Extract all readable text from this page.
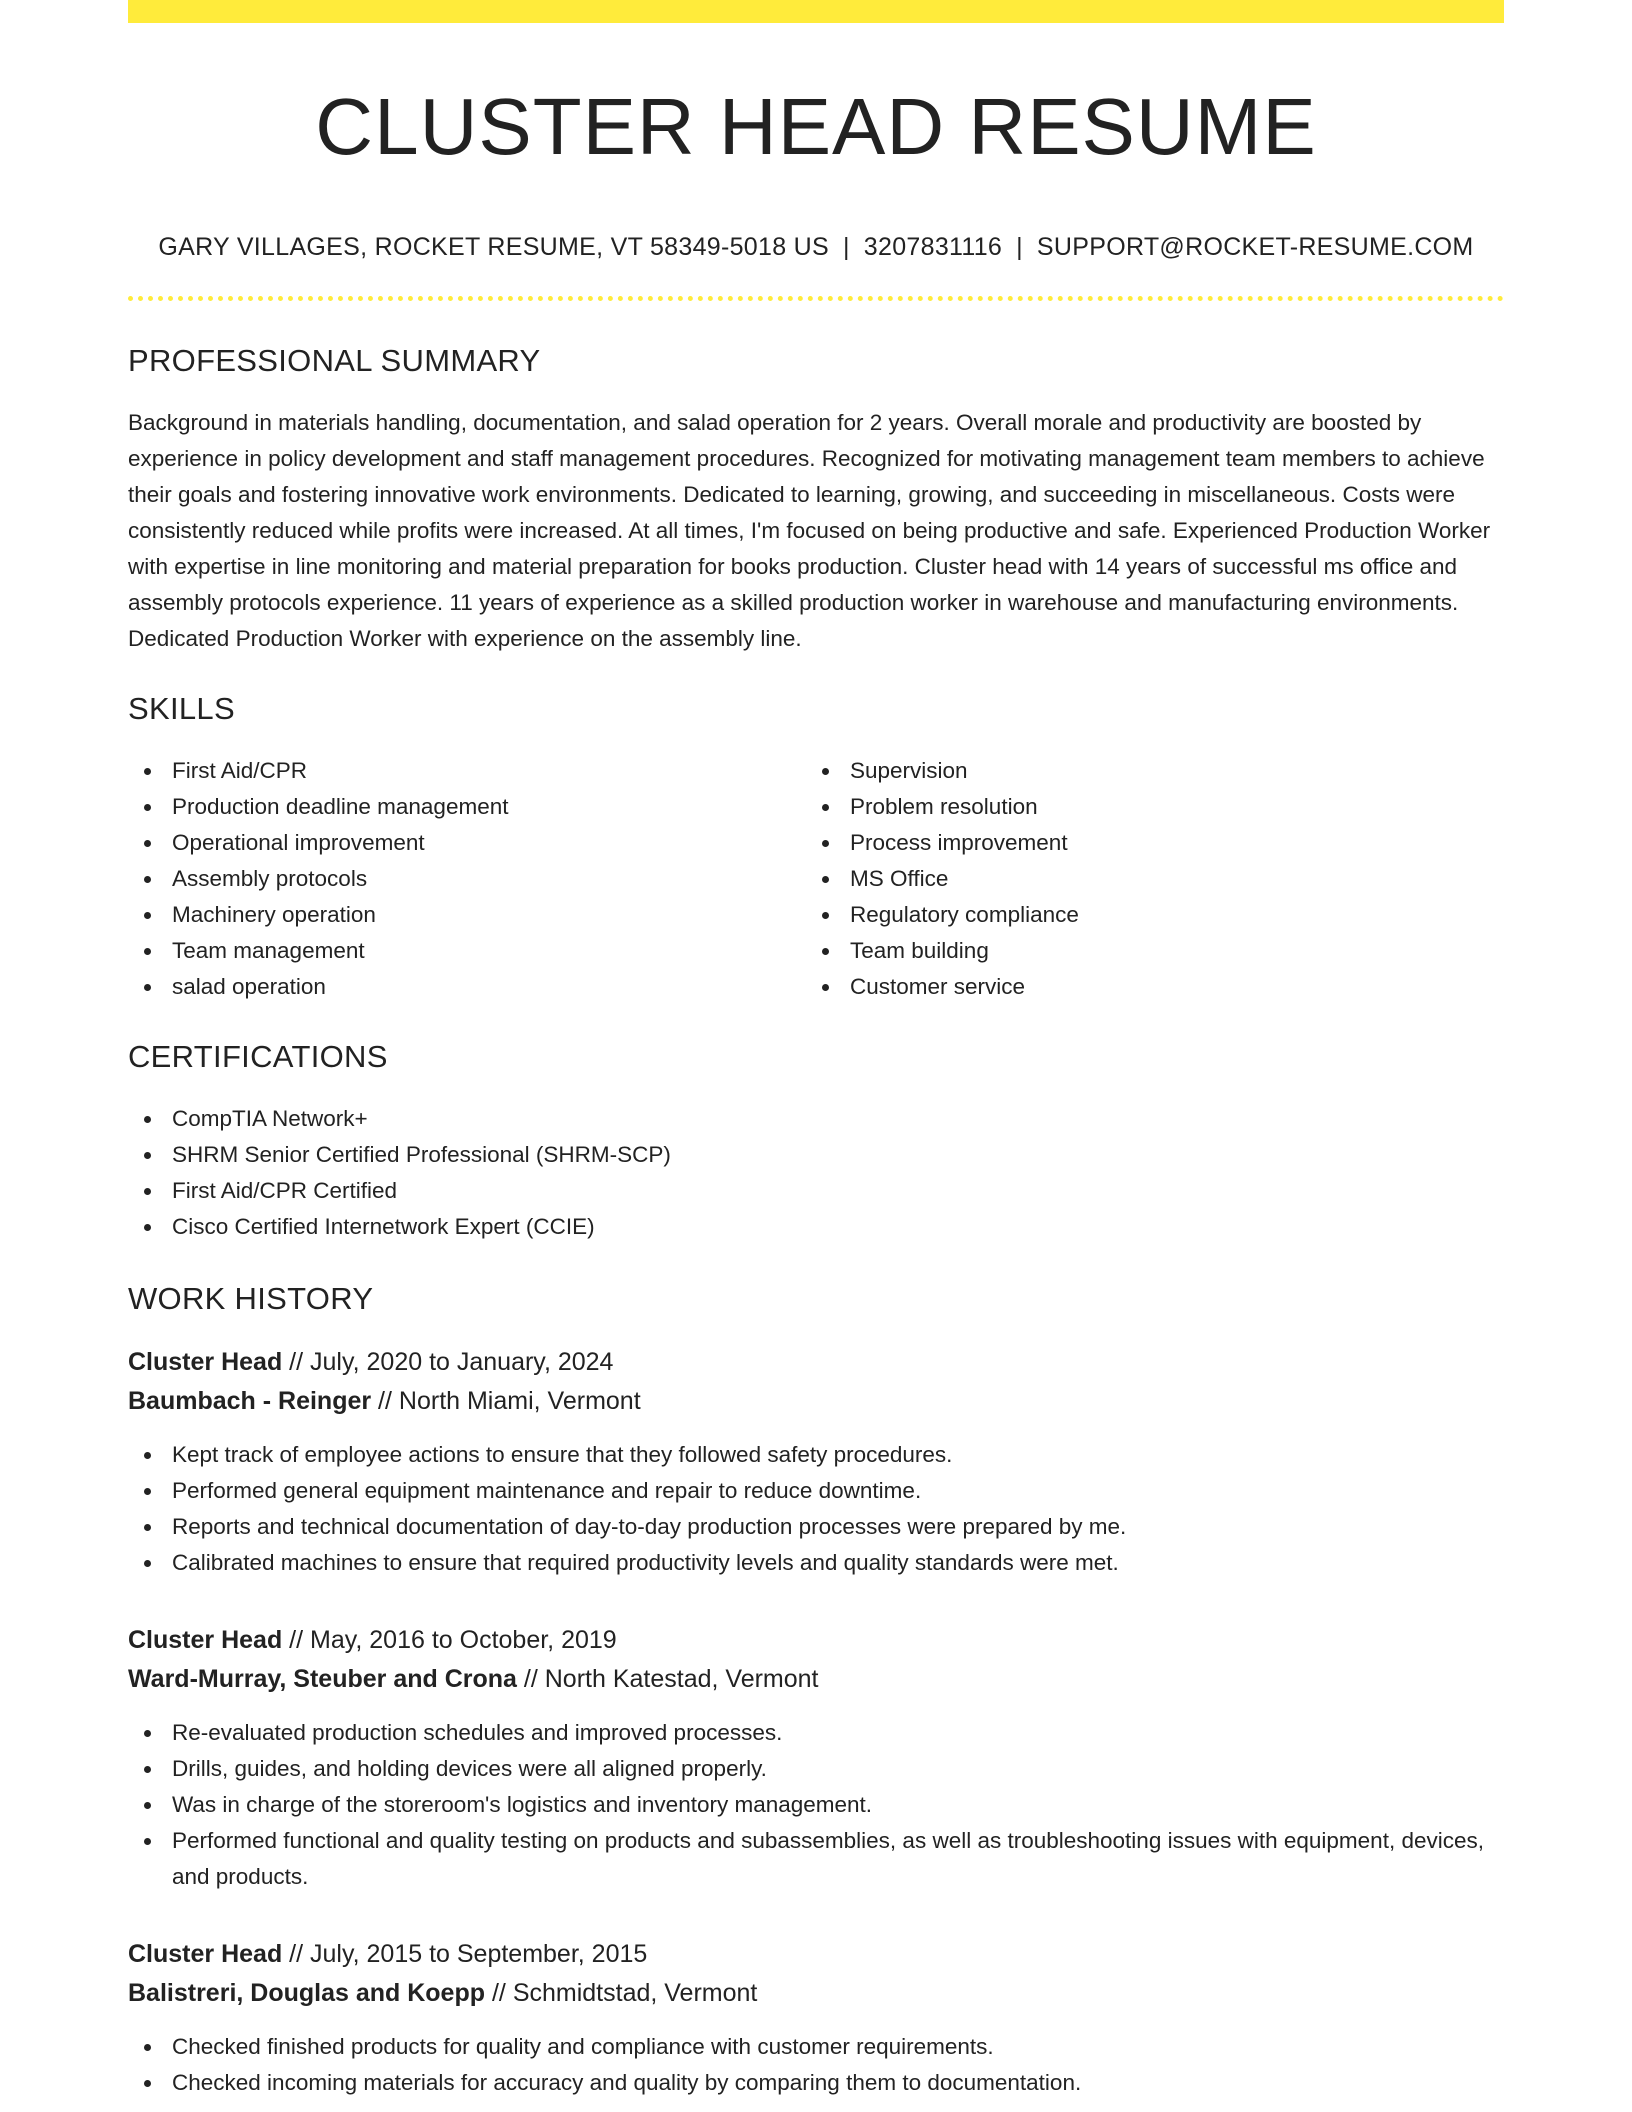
CLUSTER HEAD RESUME
GARY VILLAGES, ROCKET RESUME, VT 58349-5018 US | 3207831116 | SUPPORT@ROCKET-RESUME.COM
PROFESSIONAL SUMMARY

Background in materials handling, documentation, and salad operation for 2 years. Overall morale and productivity are boosted by experience in policy development and staff management procedures. Recognized for motivating management team members to achieve their goals and fostering innovative work environments. Dedicated to learning, growing, and succeeding in miscellaneous. Costs were consistently reduced while profits were increased. At all times, I'm focused on being productive and safe. Experienced Production Worker with expertise in line monitoring and material preparation for books production. Cluster head with 14 years of successful ms office and assembly protocols experience. 11 years of experience as a skilled production worker in warehouse and manufacturing environments. Dedicated Production Worker with experience on the assembly line.

SKILLS
First Aid/CPR
Production deadline management
Operational improvement
Assembly protocols
Machinery operation
Team management
salad operation
Supervision
Problem resolution
Process improvement
MS Office
Regulatory compliance
Team building
Customer service
CERTIFICATIONS
CompTIA Network+
SHRM Senior Certified Professional (SHRM-SCP)
First Aid/CPR Certified
Cisco Certified Internetwork Expert (CCIE)
WORK HISTORY
Cluster Head // July, 2020 to January, 2024
Baumbach - Reinger // North Miami, Vermont
Kept track of employee actions to ensure that they followed safety procedures.
Performed general equipment maintenance and repair to reduce downtime.
Reports and technical documentation of day-to-day production processes were prepared by me.
Calibrated machines to ensure that required productivity levels and quality standards were met.
Cluster Head // May, 2016 to October, 2019
Ward-Murray, Steuber and Crona // North Katestad, Vermont
Re-evaluated production schedules and improved processes.
Drills, guides, and holding devices were all aligned properly.
Was in charge of the storeroom's logistics and inventory management.
Performed functional and quality testing on products and subassemblies, as well as troubleshooting issues with equipment, devices, and products.
Cluster Head // July, 2015 to September, 2015
Balistreri, Douglas and Koepp // Schmidtstad, Vermont
Checked finished products for quality and compliance with customer requirements.
Checked incoming materials for accuracy and quality by comparing them to documentation.
